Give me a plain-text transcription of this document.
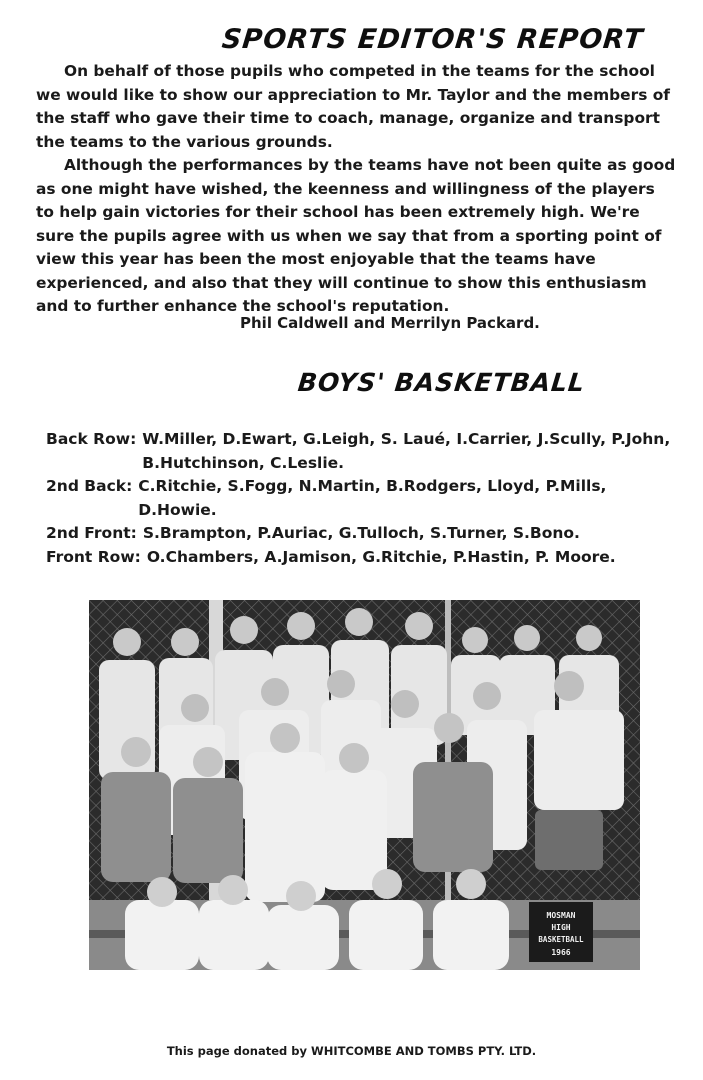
SPORTS EDITOR'S REPORT

On behalf of those pupils who competed in the teams for the school we would like to show our appreciation to Mr. Taylor and the members of the staff who gave their time to coach, manage, organize and transport the teams to the various grounds.

Although the performances by the teams have not been quite as good as one might have wished, the keenness and willingness of the players to help gain victories for their school has been extremely high. We're sure the pupils agree with us when we say that from a sporting point of view this year has been the most enjoyable that the teams have experienced, and also that they will continue to show this enthusiasm and to further enhance the school's reputation.

Phil Caldwell and Merrilyn Packard.
BOYS' BASKETBALL
Back Row: W.Miller, D.Ewart, G.Leigh, S. Laué, I.Carrier, J.Scully, P.John, B.Hutchinson, C.Leslie.
2nd Back: C.Ritchie, S.Fogg, N.Martin, B.Rodgers, Lloyd, P.Mills, D.Howie.
2nd Front: S.Brampton, P.Auriac, G.Tulloch, S.Turner, S.Bono.
Front Row: O.Chambers, A.Jamison, G.Ritchie, P.Hastin, P. Moore.
MOSMAN
HIGH
BASKETBALL
1966
This page donated by WHITCOMBE AND TOMBS PTY. LTD.
